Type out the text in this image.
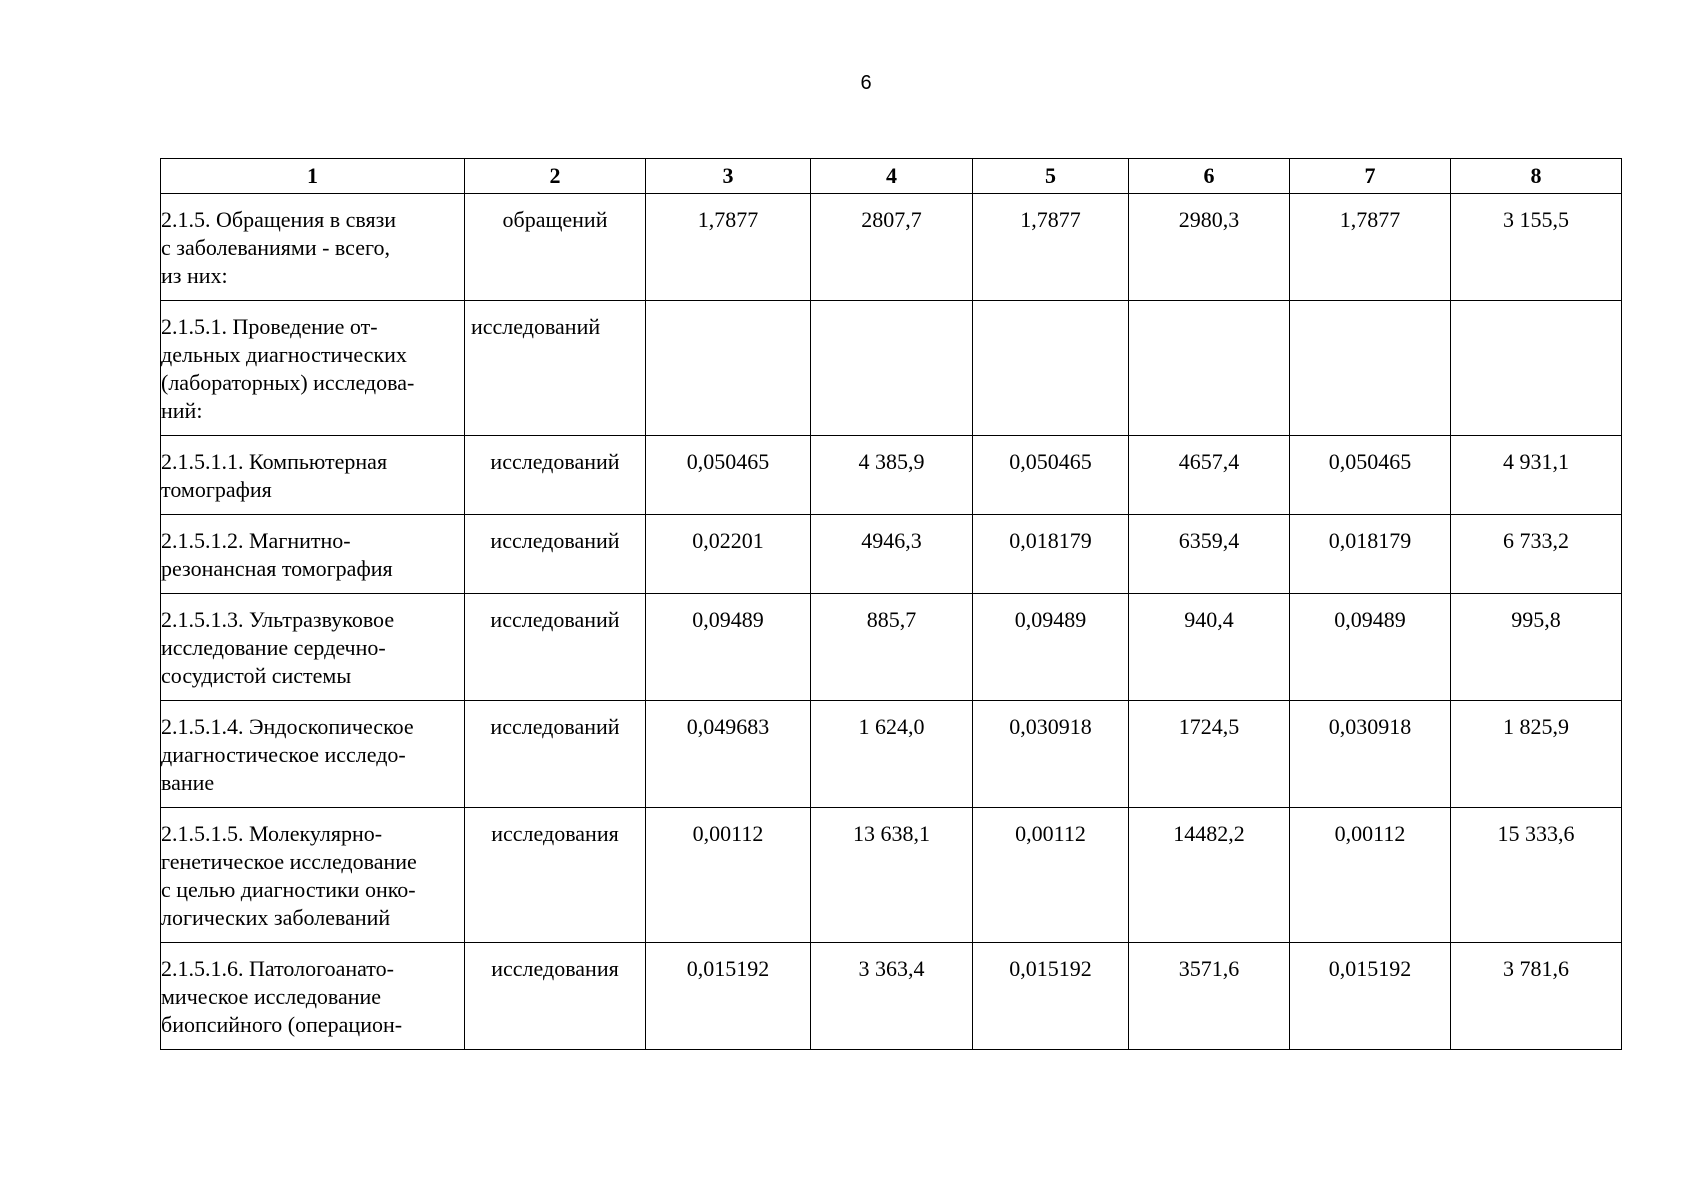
6
1	2	3	4	5	6	7	8

2.1.5. Обращения в связи
с заболеваниями - всего,
из них:	обращений	1,7877	2807,7	1,7877	2980,3	1,7877	3 155,5

2.1.5.1. Проведение от-
дельных диагностических
(лабораторных) исследова-
ний:	исследований						

2.1.5.1.1. Компьютерная
томография	исследований	0,050465	4 385,9	0,050465	4657,4	0,050465	4 931,1

2.1.5.1.2. Магнитно-
резонансная томография	исследований	0,02201	4946,3	0,018179	6359,4	0,018179	6 733,2

2.1.5.1.3. Ультразвуковое
исследование сердечно-
сосудистой системы	исследований	0,09489	885,7	0,09489	940,4	0,09489	995,8

2.1.5.1.4. Эндоскопическое
диагностическое исследо-
вание	исследований	0,049683	1 624,0	0,030918	1724,5	0,030918	1 825,9

2.1.5.1.5. Молекулярно-
генетическое исследование
с целью диагностики онко-
логических заболеваний	исследования	0,00112	13 638,1	0,00112	14482,2	0,00112	15 333,6

2.1.5.1.6. Патологоанато-
мическое исследование
биопсийного (операцион-	исследования	0,015192	3 363,4	0,015192	3571,6	0,015192	3 781,6
